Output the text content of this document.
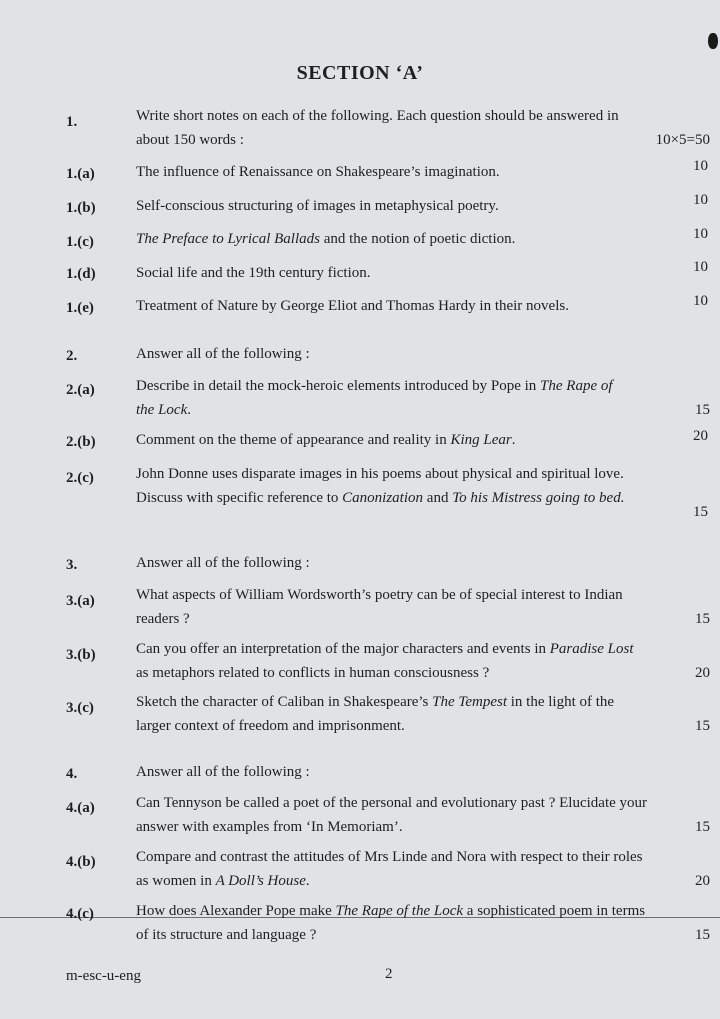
SECTION ‘A’
1.	Write short notes on each of the following. Each question should be answered in
about 150 words :	10×5=50
1.(a)	The influence of Renaissance on Shakespeare’s imagination.	10
1.(b)	Self-conscious structuring of images in metaphysical poetry.	10
1.(c)	The Preface to Lyrical Ballads and the notion of poetic diction.	10
1.(d)	Social life and the 19th century fiction.	10
1.(e)	Treatment of Nature by George Eliot and Thomas Hardy in their novels.	10
2.	Answer all of the following :
2.(a)	Describe in detail the mock-heroic elements introduced by Pope in The Rape of
the Lock.	15
2.(b)	Comment on the theme of appearance and reality in King Lear.	20
2.(c)	John Donne uses disparate images in his poems about physical and spiritual love.
Discuss with specific reference to Canonization and To his Mistress going to bed.
15
3.	Answer all of the following :
3.(a)	What aspects of William Wordsworth’s poetry can be of special interest to Indian
readers ?	15
3.(b)	Can you offer an interpretation of the major characters and events in Paradise Lost
as metaphors related to conflicts in human consciousness ?	20
3.(c)	Sketch the character of Caliban in Shakespeare’s The Tempest in the light of the
larger context of freedom and imprisonment.	15
4.	Answer all of the following :
4.(a)	Can Tennyson be called a poet of the personal and evolutionary past ? Elucidate your
answer with examples from ‘In Memoriam’.	15
4.(b)	Compare and contrast the attitudes of Mrs Linde and Nora with respect to their roles
as women in A Doll’s House.	20
4.(c)	How does Alexander Pope make The Rape of the Lock a sophisticated poem in terms
of its structure and language ?	15
m-esc-u-eng	2
